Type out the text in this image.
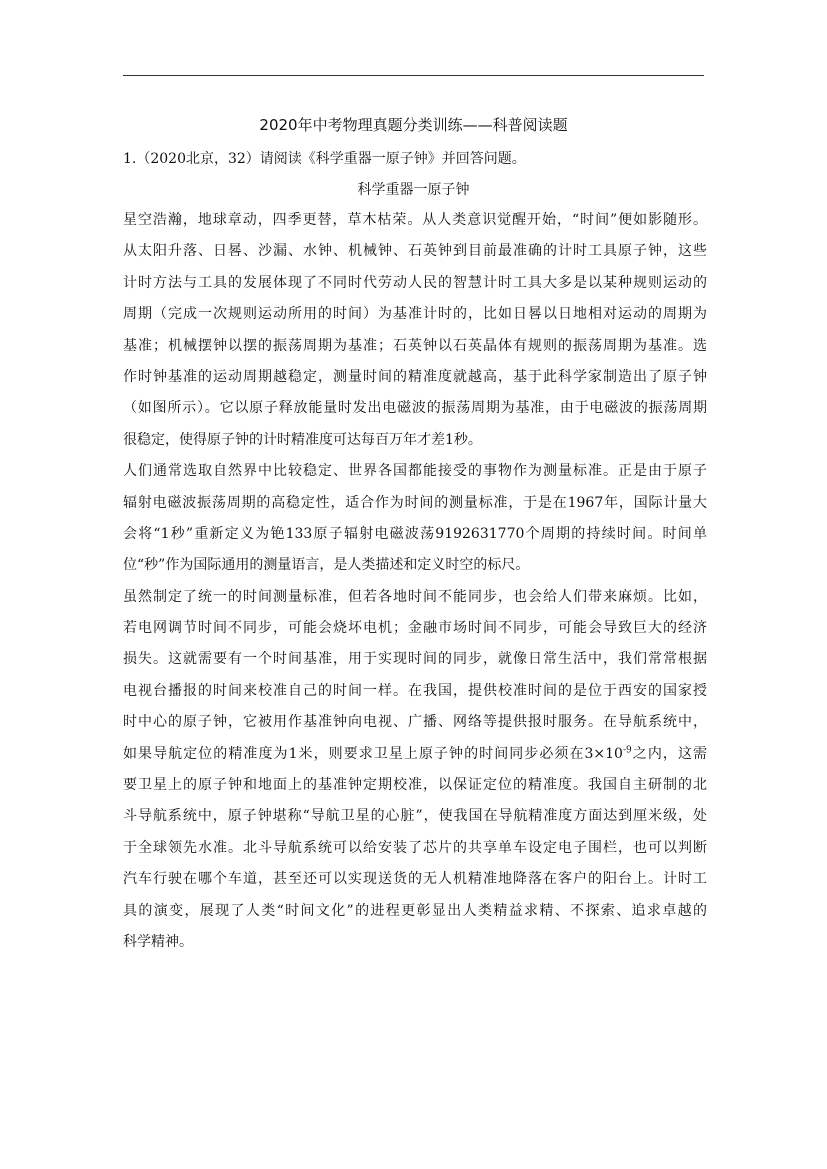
2020年中考物理真题分类训练——科普阅读题
1.（2020北京，32）请阅读《科学重器一原子钟》并回答问题。
科学重器一原子钟
星空浩瀚，地球章动，四季更替，草木枯荣。从人类意识觉醒开始，“时间”便如影随形。
从太阳升落、日晷、沙漏、水钟、机械钟、石英钟到目前最准确的计时工具原子钟，这些
计时方法与工具的发展体现了不同时代劳动人民的智慧计时工具大多是以某种规则运动的
周期（完成一次规则运动所用的时间）为基准计时的，比如日晷以日地相对运动的周期为
基准；机械摆钟以摆的振荡周期为基准；石英钟以石英晶体有规则的振荡周期为基准。选
作时钟基准的运动周期越稳定，测量时间的精准度就越高，基于此科学家制造出了原子钟
（如图所示）。它以原子释放能量时发出电磁波的振荡周期为基准，由于电磁波的振荡周期
很稳定，使得原子钟的计时精准度可达每百万年才差1秒。
人们通常选取自然界中比较稳定、世界各国都能接受的事物作为测量标准。正是由于原子
辐射电磁波振荡周期的高稳定性，适合作为时间的测量标准，于是在1967年，国际计量大
会将“1秒”重新定义为铯133原子辐射电磁波荡9192631770个周期的持续时间。时间单
位“秒”作为国际通用的测量语言，是人类描述和定义时空的标尺。
虽然制定了统一的时间测量标准，但若各地时间不能同步，也会给人们带来麻烦。比如，
若电网调节时间不同步，可能会烧坏电机；金融市场时间不同步，可能会导致巨大的经济
损失。这就需要有一个时间基准，用于实现时间的同步，就像日常生活中，我们常常根据
电视台播报的时间来校准自己的时间一样。在我国，提供校准时间的是位于西安的国家授
时中心的原子钟，它被用作基准钟向电视、广播、网络等提供报时服务。在导航系统中，
如果导航定位的精准度为1米，则要求卫星上原子钟的时间同步必须在$3\times 10^{-9}$之内，这需
要卫星上的原子钟和地面上的基准钟定期校准，以保证定位的精准度。我国自主研制的北
斗导航系统中，原子钟堪称“导航卫星的心脏”，使我国在导航精准度方面达到厘米级，处
于全球领先水准。北斗导航系统可以给安装了芯片的共享单车设定电子围栏，也可以判断
汽车行驶在哪个车道，甚至还可以实现送货的无人机精准地降落在客户的阳台上。计时工
具的演变，展现了人类“时间文化”的进程更彰显出人类精益求精、不探索、追求卓越的
科学精神。
